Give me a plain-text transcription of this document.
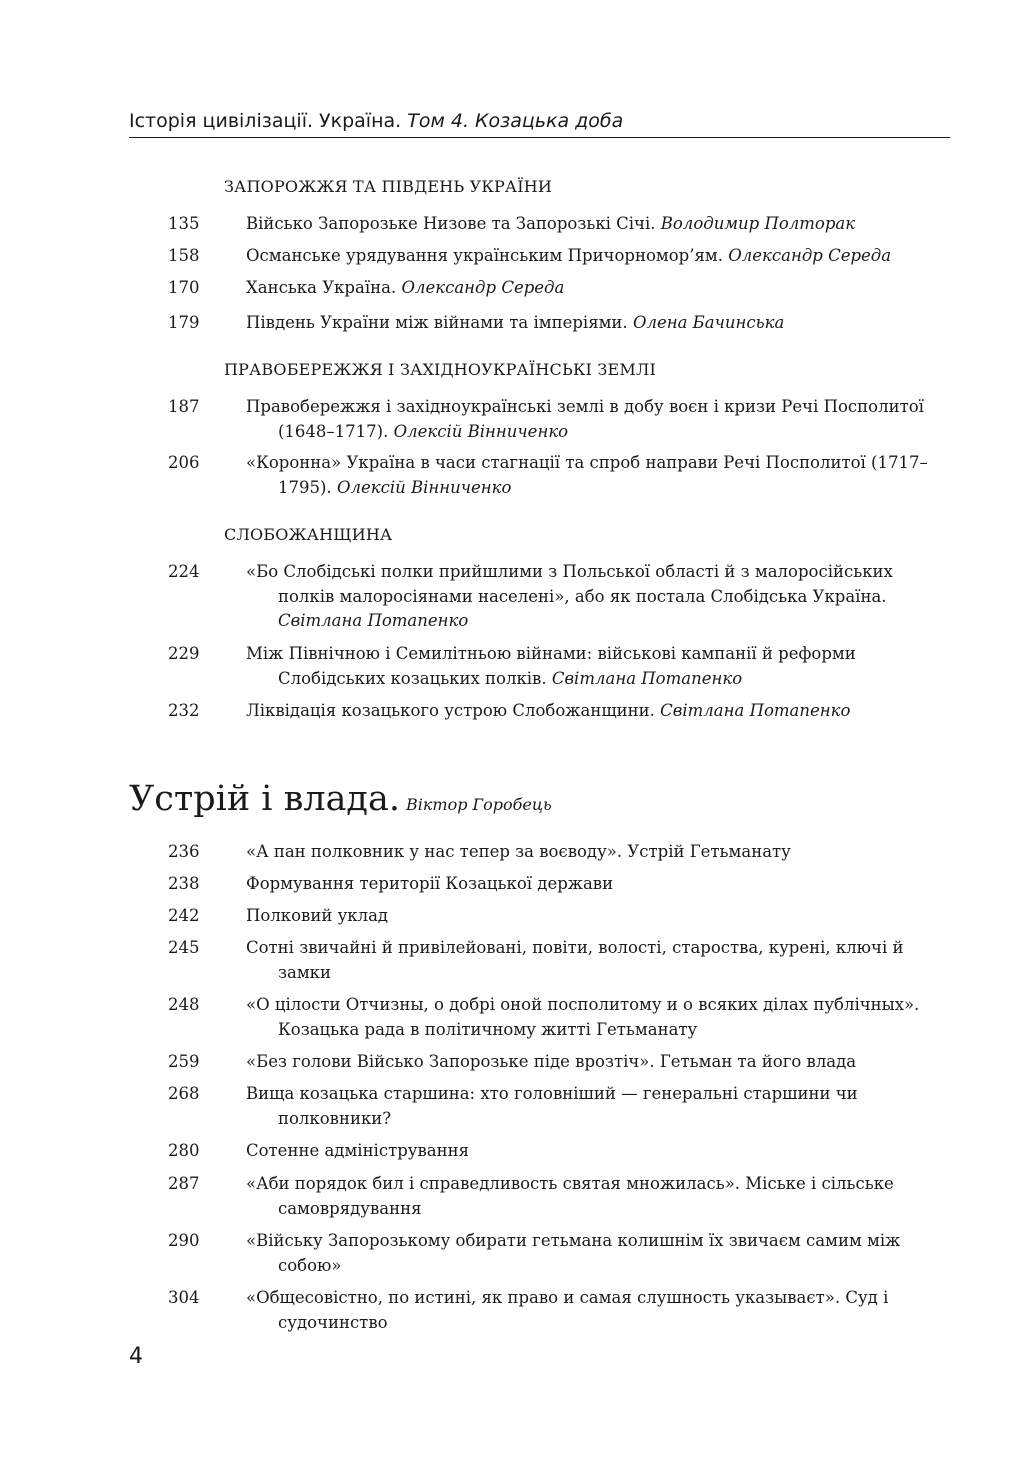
Історія цивілізації. Україна. Том 4. Козацька доба
ЗАПОРОЖЖЯ ТА ПІВДЕНЬ УКРАЇНИ
135	Військо Запорозьке Низове та Запорозькі Січі. Володимир Полторак
158	Османське урядування українським Причорномор’ям. Олександр Середа
170	Ханська Україна. Олександр Середа
179	Південь України між війнами та імперіями. Олена Бачинська
ПРАВОБЕРЕЖЖЯ І ЗАХІДНОУКРАЇНСЬКІ ЗЕМЛІ
187	Правобережжя і західноукраїнські землі в добу воєн і кризи Речі Посполитої (1648–1717). Олексій Вінниченко
206	«Коронна» Україна в часи стагнації та спроб направи Речі Посполитої (1717–1795). Олексій Вінниченко
СЛОБОЖАНЩИНА
224	«Бо Слобідські полки прийшлими з Польської області й з малоросійських полків малоросіянами населені», або як постала Слобідська Україна. Світлана Потапенко
229	Між Північною і Семилітньою війнами: військові кампанії й реформи Слобідських козацьких полків. Світлана Потапенко
232	Ліквідація козацького устрою Слобожанщини. Світлана Потапенко
Устрій і влада. Віктор Горобець
236	«А пан полковник у нас тепер за воєводу». Устрій Гетьманату
238	Формування території Козацької держави
242	Полковий уклад
245	Сотні звичайні й привілейовані, повіти, волості, староства, курені, ключі й замки
248	«О цілости Отчизны, о добрі оной посполитому и о всяких ділах публічных». Козацька рада в політичному житті Гетьманату
259	«Без голови Військо Запорозьке піде врозтіч». Гетьман та його влада
268	Вища козацька старшина: хто головніший — генеральні старшини чи полковники?
280	Сотенне адміністрування
287	«Аби порядок бил і справедливость святая множилась». Міське і сільське самоврядування
290	«Війську Запорозькому обирати гетьмана колишнім їх звичаєм самим між собою»
304	«Общесовістно, по истині, як право и самая слушность указываєт». Суд і судочинство
4
